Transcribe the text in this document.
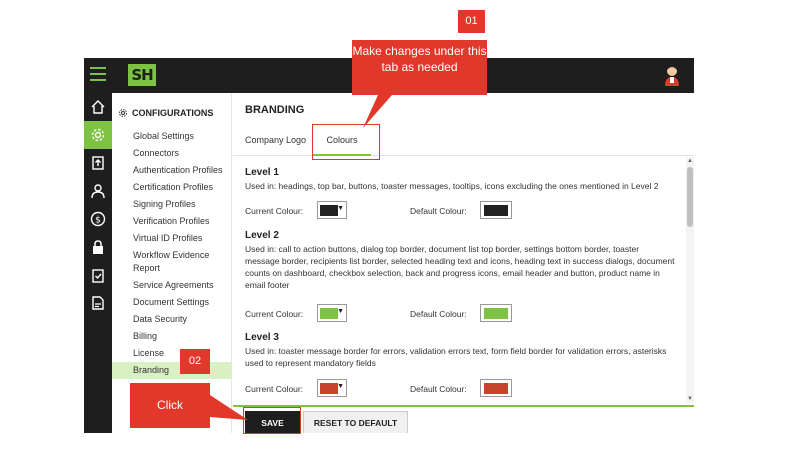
SH
$
CONFIGURATIONS
Global Settings
Connectors
Authentication Profiles
Certification Profiles
Signing Profiles
Verification Profiles
Virtual ID Profiles
Workflow Evidence Report
Service Agreements
Document Settings
Data Security
Billing
License
Branding
BRANDING
Company Logo	Colours
Level 1

Used in: headings, top bar, buttons, toaster messages, tooltips, icons excluding the ones mentioned in Level 2

Current Colour:	▼	Default Colour:
Level 2

Used in: call to action buttons, dialog top border, document list top border, settings bottom border, toaster message border, recipients list border, selected heading text and icons, heading text in success dialogs, document counts on dashboard, checkbox selection, back and progress icons, email header and button, product name in email footer

Current Colour:	▼	Default Colour:
Level 3

Used in: toaster message border for errors, validation errors text, form field border for validation errors, asterisks used to represent mandatory fields

Current Colour:	▼	Default Colour:
▲
▼
SAVE	RESET TO DEFAULT
01
Make changes under this tab as needed
02
Click
